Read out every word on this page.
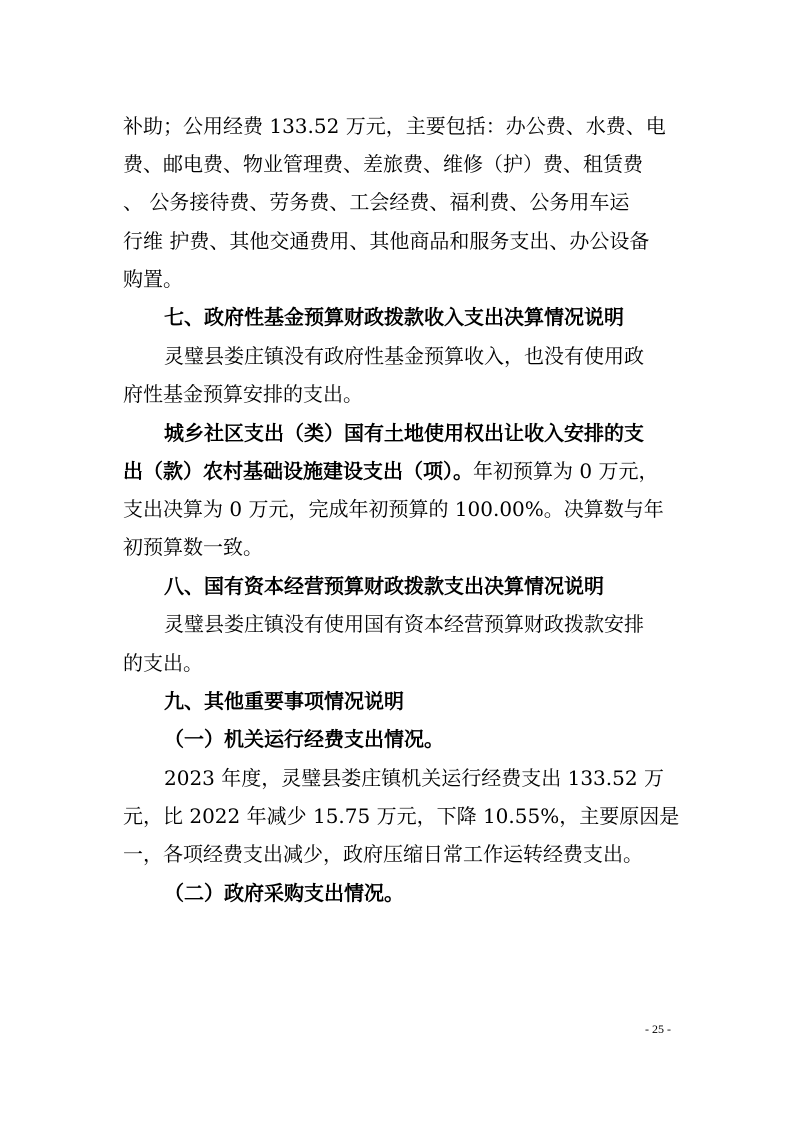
补助；公用经费 133.52 万元，主要包括：办公费、水费、电
费、邮电费、物业管理费、差旅费、维修（护）费、租赁费
、 公务接待费、劳务费、工会经费、福利费、公务用车运
行维 护费、其他交通费用、其他商品和服务支出、办公设备
购置。
七、政府性基金预算财政拨款收入支出决算情况说明
灵璧县娄庄镇没有政府性基金预算收入，也没有使用政
府性基金预算安排的支出。
城乡社区支出（类）国有土地使用权出让收入安排的支
出（款）农村基础设施建设支出（项）。年初预算为 0 万元，
支出决算为 0 万元，完成年初预算的 100.00%。决算数与年
初预算数一致。
八、国有资本经营预算财政拨款支出决算情况说明
灵璧县娄庄镇没有使用国有资本经营预算财政拨款安排
的支出。
九、其他重要事项情况说明
（一）机关运行经费支出情况。
2023 年度，灵璧县娄庄镇机关运行经费支出 133.52 万
元，比 2022 年减少 15.75 万元，下降 10.55%，主要原因是
一，各项经费支出减少，政府压缩日常工作运转经费支出。
（二）政府采购支出情况。
- 25 -
